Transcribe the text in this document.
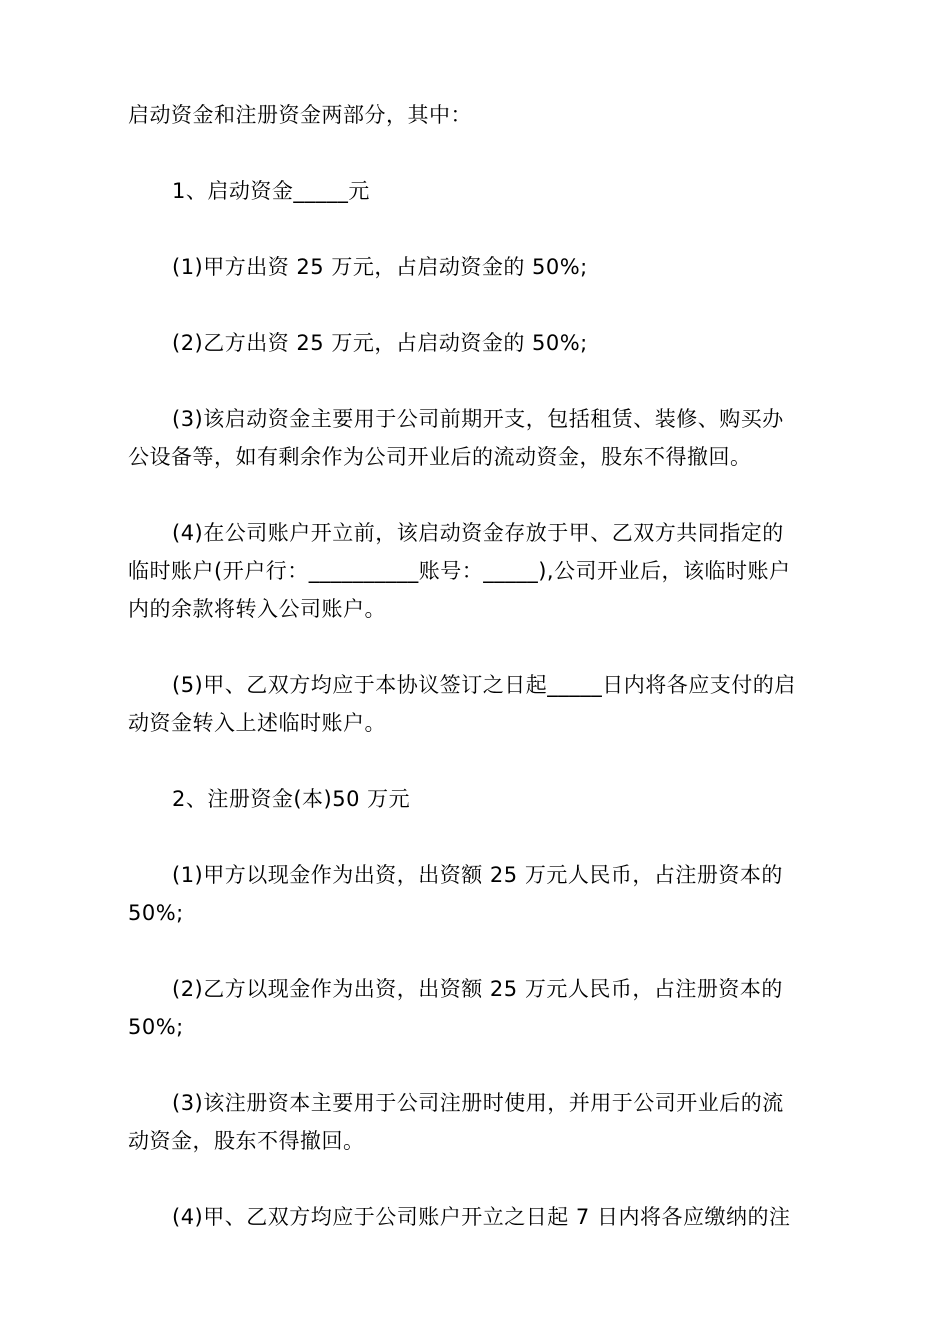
启动资金和注册资金两部分，其中：

1、启动资金_____元

(1)甲方出资 25 万元，占启动资金的 50%;

(2)乙方出资 25 万元，占启动资金的 50%;

(3)该启动资金主要用于公司前期开支，包括租赁、装修、购买办
公设备等，如有剩余作为公司开业后的流动资金，股东不得撤回。

(4)在公司账户开立前，该启动资金存放于甲、乙双方共同指定的
临时账户(开户行：__________账号：_____),公司开业后，该临时账户
内的余款将转入公司账户。

(5)甲、乙双方均应于本协议签订之日起_____日内将各应支付的启
动资金转入上述临时账户。

2、注册资金(本)50 万元

(1)甲方以现金作为出资，出资额 25 万元人民币，占注册资本的
50%;

(2)乙方以现金作为出资，出资额 25 万元人民币，占注册资本的
50%;

(3)该注册资本主要用于公司注册时使用，并用于公司开业后的流
动资金，股东不得撤回。

(4)甲、乙双方均应于公司账户开立之日起 7 日内将各应缴纳的注
